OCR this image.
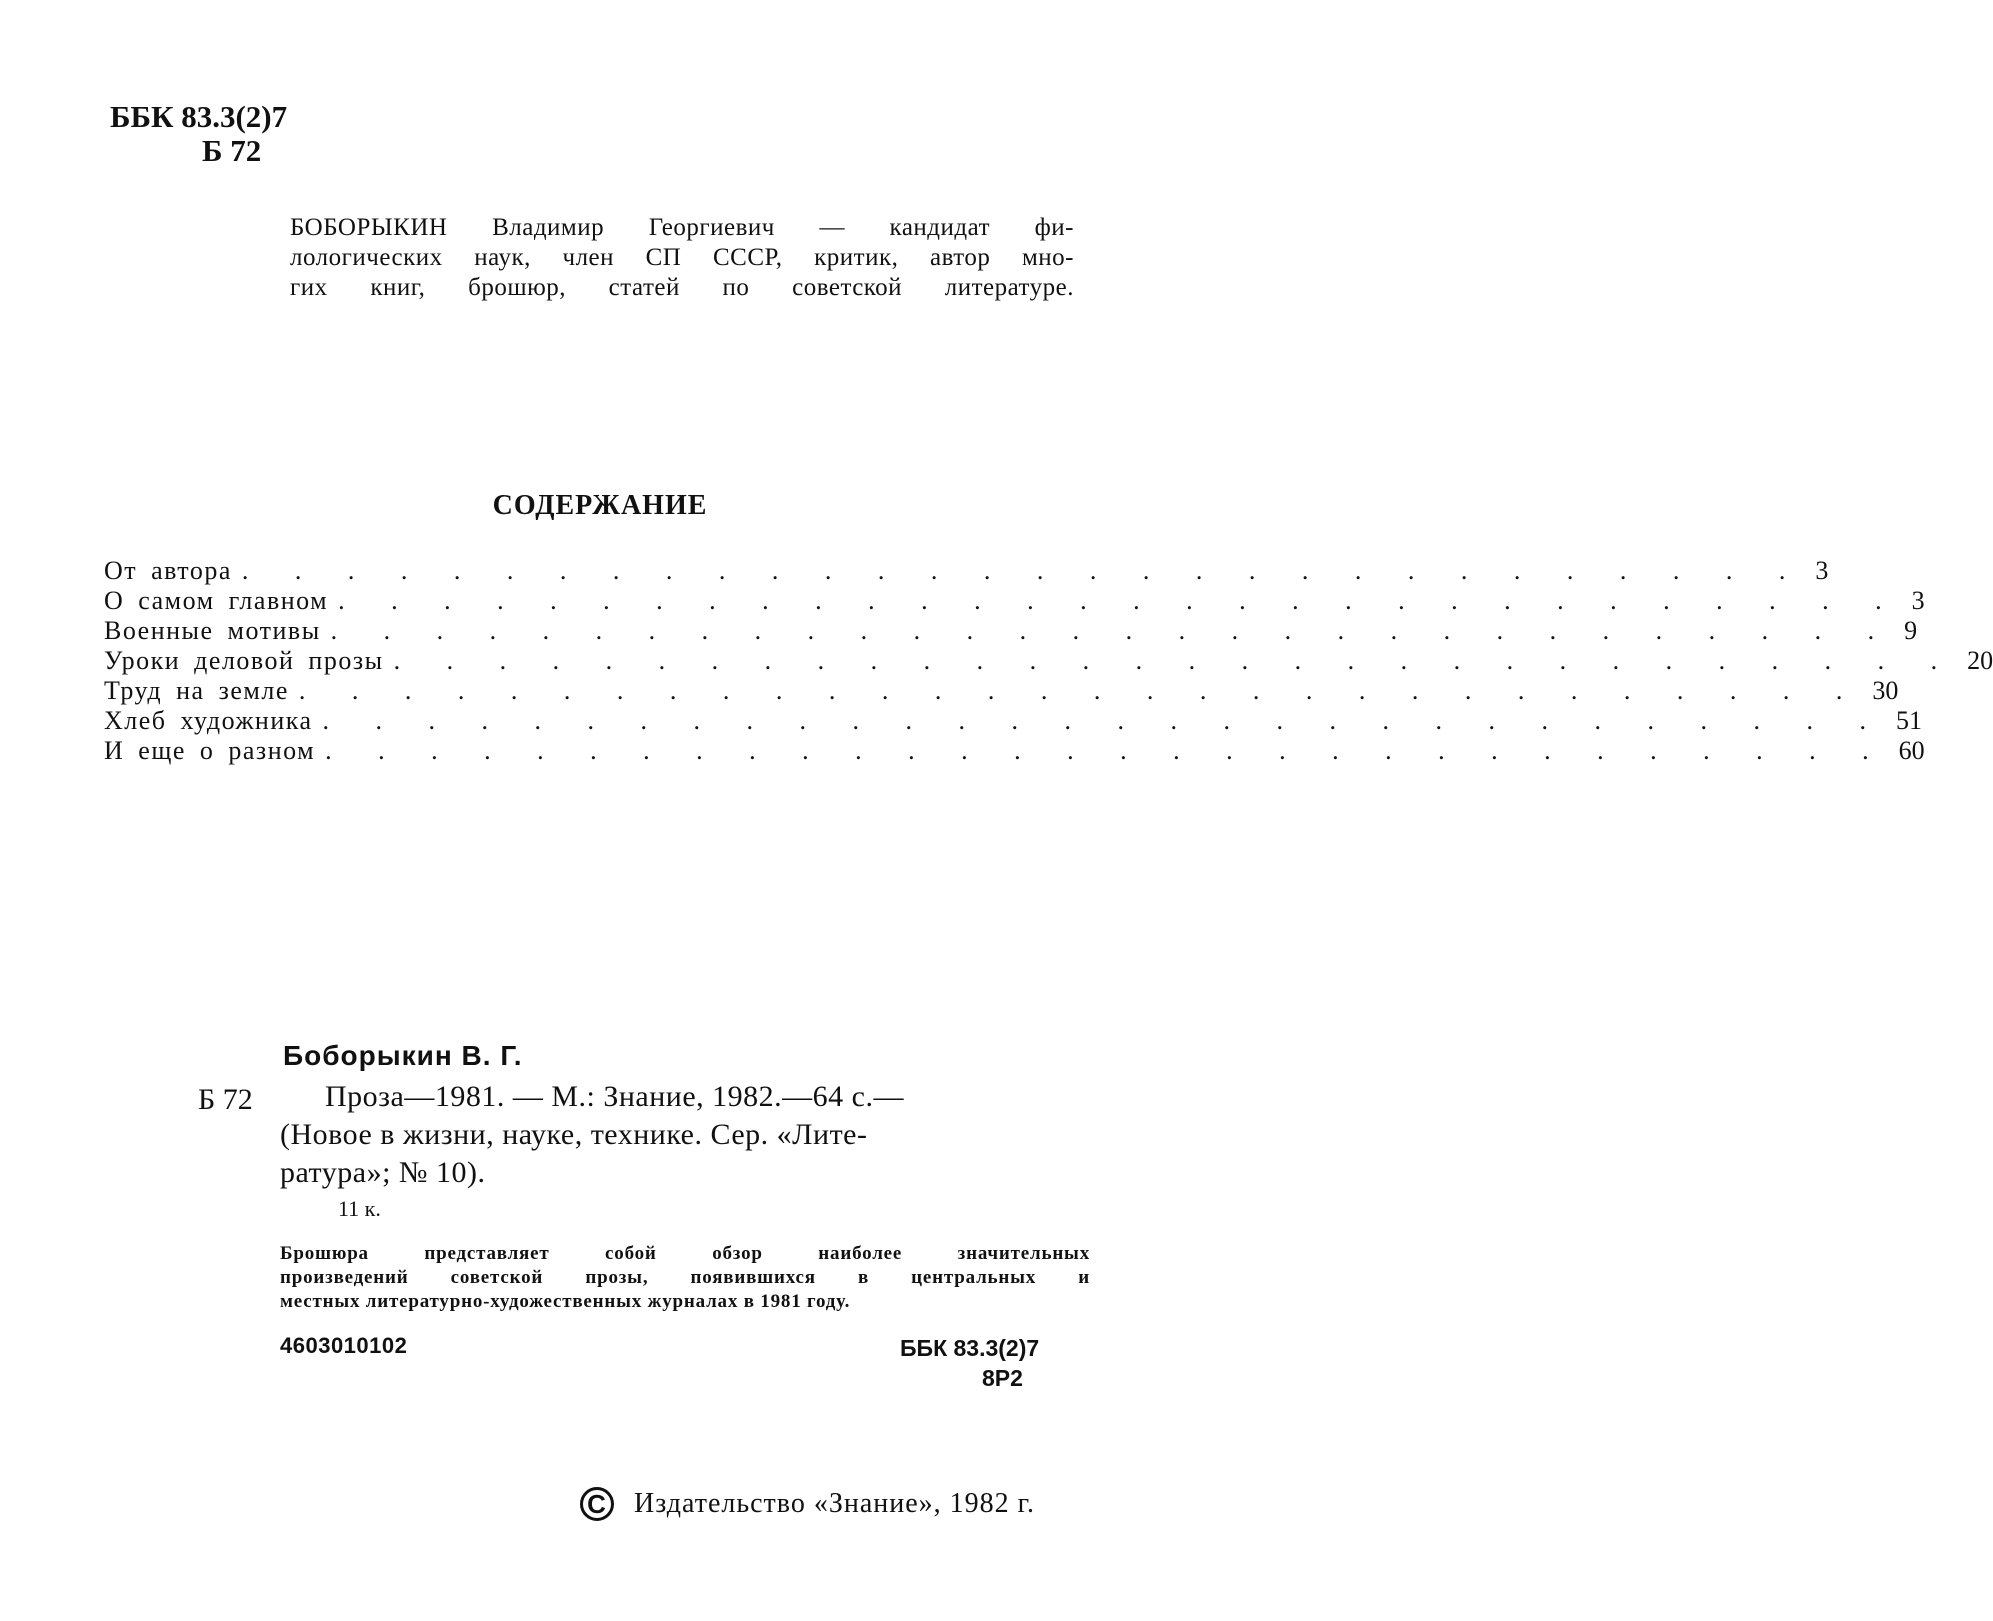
ББК 83.3(2)7
Б 72
БОБОРЫКИН Владимир Георгиевич — кандидат фи-
лологических наук, член СП СССР, критик, автор мно-
гих книг, брошюр, статей по советской литературе.
СОДЕРЖАНИЕ
От автора . . . . . . . . . . . . . . . . . . . . . . . . . . . . . . 3
О самом главном . . . . . . . . . . . . . . . . . . . . . . . . . . . . . . 3
Военные мотивы . . . . . . . . . . . . . . . . . . . . . . . . . . . . . . 9
Уроки деловой прозы . . . . . . . . . . . . . . . . . . . . . . . . . . . . . . 20
Труд на земле . . . . . . . . . . . . . . . . . . . . . . . . . . . . . . 30
Хлеб художника . . . . . . . . . . . . . . . . . . . . . . . . . . . . . . 51
И еще о разном . . . . . . . . . . . . . . . . . . . . . . . . . . . . . . 60
Боборыкин В. Г.
Б 72	Проза—1981. — М.: Знание, 1982.—64 с.—
(Новое в жизни, науке, технике. Сер. «Лите-
ратура»; № 10).
11 к.
Брошюра представляет собой обзор наиболее значительных
произведений советской прозы, появившихся в центральных и
местных литературно-художественных журналах в 1981 году.
4603010102	ББК 83.3(2)7
8Р2
C Издательство «Знание», 1982 г.
